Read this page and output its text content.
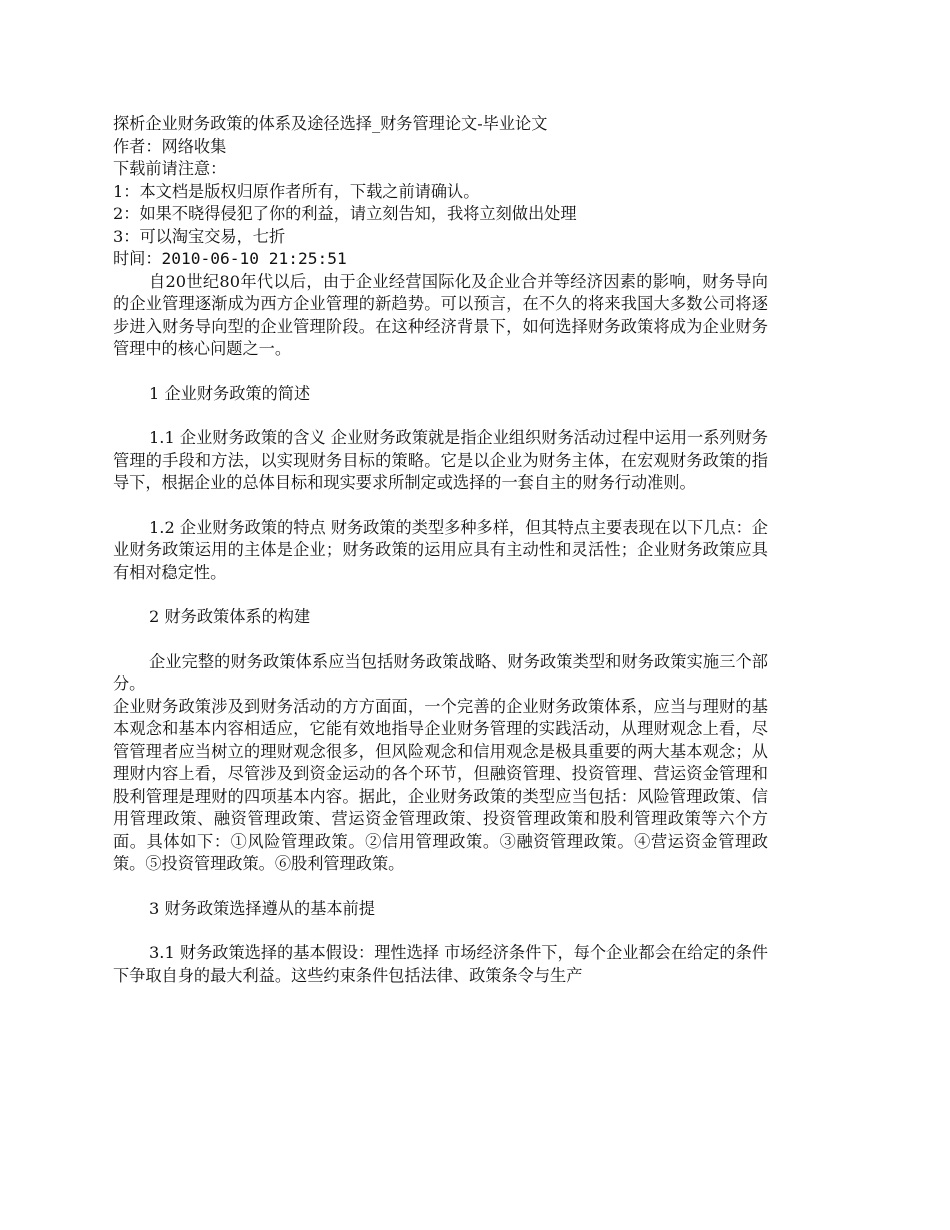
探析企业财务政策的体系及途径选择_财务管理论文-毕业论文

作者：网络收集

下载前请注意：

1：本文档是版权归原作者所有，下载之前请确认。

2：如果不晓得侵犯了你的利益，请立刻告知，我将立刻做出处理

3：可以淘宝交易，七折

时间：2010-06-10 21:25:51

自20世纪80年代以后，由于企业经营国际化及企业合并等经济因素的影响，财务导向的企业管理逐渐成为西方企业管理的新趋势。可以预言，在不久的将来我国大多数公司将逐步进入财务导向型的企业管理阶段。在这种经济背景下，如何选择财务政策将成为企业财务管理中的核心问题之一。

1 企业财务政策的简述

1.1 企业财务政策的含义 企业财务政策就是指企业组织财务活动过程中运用一系列财务管理的手段和方法，以实现财务目标的策略。它是以企业为财务主体，在宏观财务政策的指导下，根据企业的总体目标和现实要求所制定或选择的一套自主的财务行动准则。

1.2 企业财务政策的特点 财务政策的类型多种多样，但其特点主要表现在以下几点：企业财务政策运用的主体是企业；财务政策的运用应具有主动性和灵活性；企业财务政策应具有相对稳定性。

2 财务政策体系的构建

企业完整的财务政策体系应当包括财务政策战略、财务政策类型和财务政策实施三个部分。

企业财务政策涉及到财务活动的方方面面，一个完善的企业财务政策体系，应当与理财的基本观念和基本内容相适应，它能有效地指导企业财务管理的实践活动，从理财观念上看，尽管管理者应当树立的理财观念很多，但风险观念和信用观念是极具重要的两大基本观念；从理财内容上看，尽管涉及到资金运动的各个环节，但融资管理、投资管理、营运资金管理和股利管理是理财的四项基本内容。据此，企业财务政策的类型应当包括：风险管理政策、信用管理政策、融资管理政策、营运资金管理政策、投资管理政策和股利管理政策等六个方面。具体如下：①风险管理政策。②信用管理政策。③融资管理政策。④营运资金管理政策。⑤投资管理政策。⑥股利管理政策。

3 财务政策选择遵从的基本前提

3.1 财务政策选择的基本假设：理性选择 市场经济条件下，每个企业都会在给定的条件下争取自身的最大利益。这些约束条件包括法律、政策条令与生产
